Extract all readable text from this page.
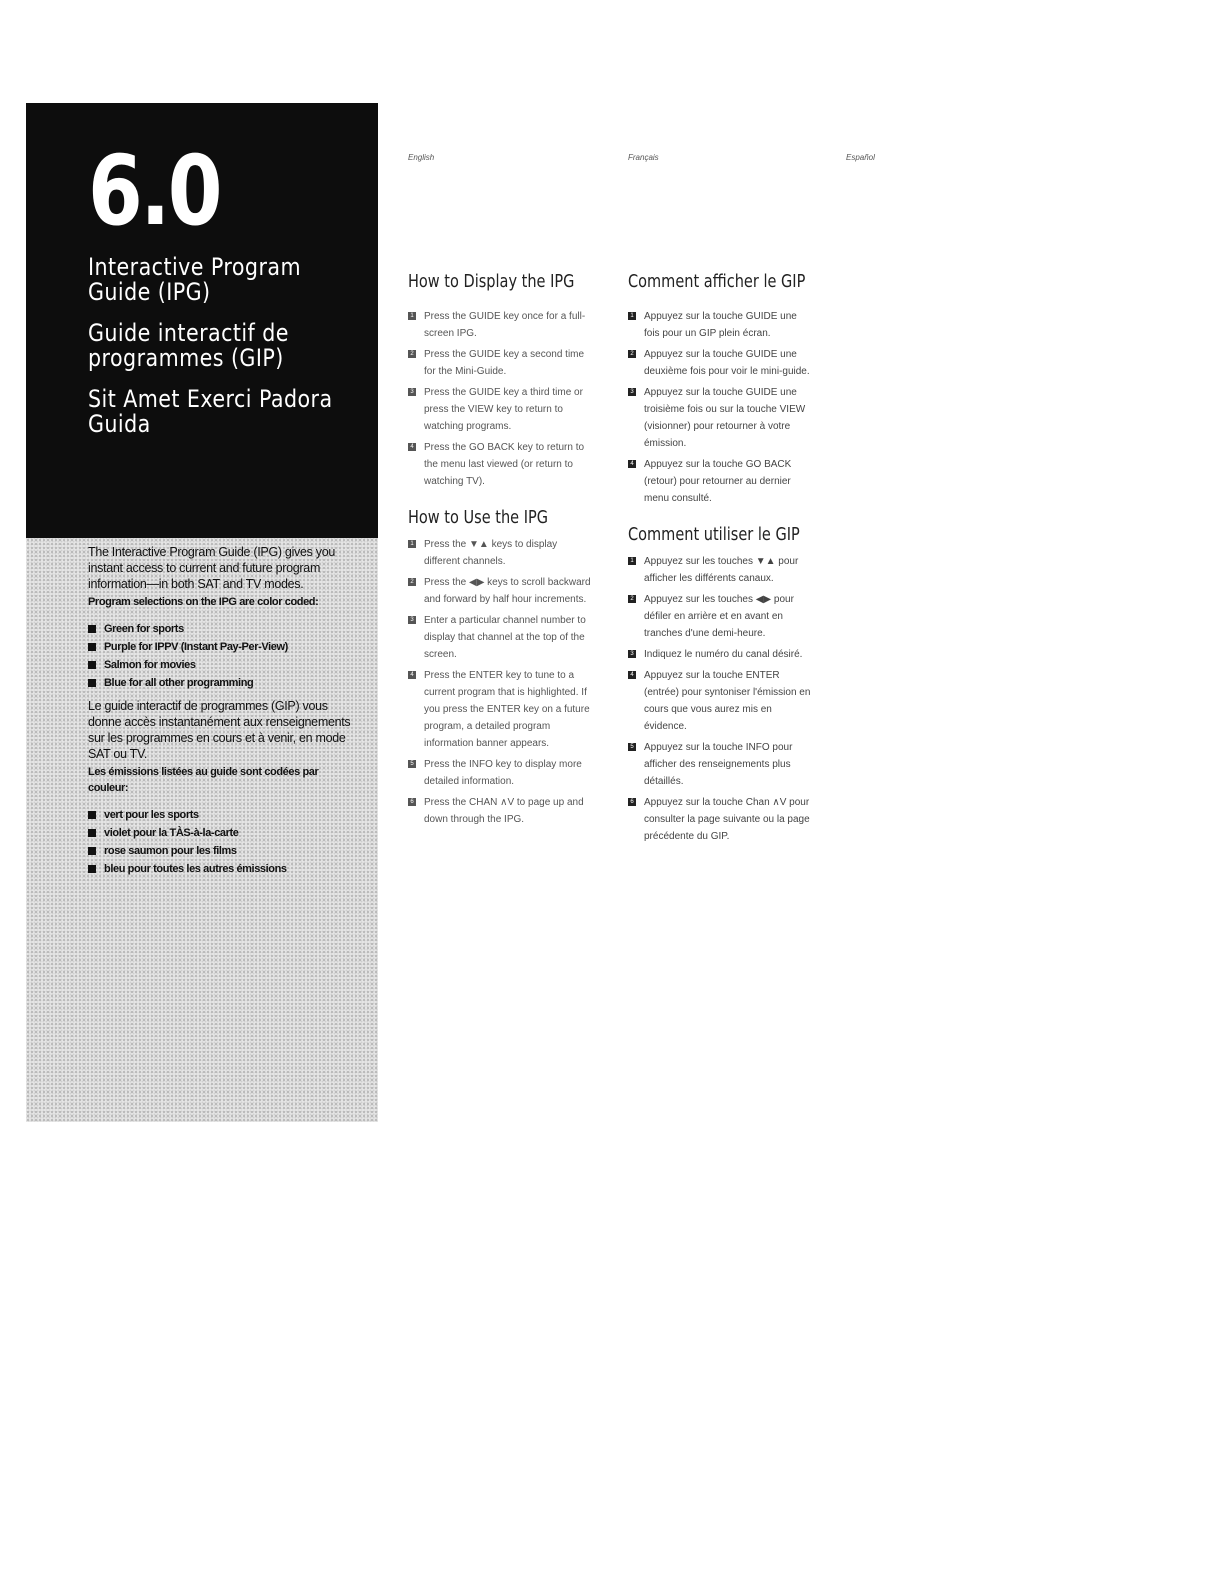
6.0
Interactive Program Guide (IPG)
Guide interactif de programmes (GIP)
Sit Amet Exerci Padora Guida

The Interactive Program Guide (IPG) gives you instant access to current and future program information—in both SAT and TV modes.

Program selections on the IPG are color coded:

Green for sports
Purple for IPPV (Instant Pay-Per-View)
Salmon for movies
Blue for all other programming

Le guide interactif de programmes (GIP) vous donne accès instantanément aux renseignements sur les programmes en cours et à venir, en mode SAT ou TV.

Les émissions listées au guide sont codées par couleur:

vert pour les sports
violet pour la TÀS-à-la-carte
rose saumon pour les films
bleu pour toutes les autres émissions
English	Français	Español
How to Display the IPG
1 Press the GUIDE key once for a full-screen IPG.
2 Press the GUIDE key a second time for the Mini-Guide.
3 Press the GUIDE key a third time or press the VIEW key to return to watching programs.
4 Press the GO BACK key to return to the menu last viewed (or return to watching TV).
How to Use the IPG
1 Press the ▼▲ keys to display different channels.
2 Press the ◀▶ keys to scroll backward and forward by half hour increments.
3 Enter a particular channel number to display that channel at the top of the screen.
4 Press the ENTER key to tune to a current program that is highlighted. If you press the ENTER key on a future program, a detailed program information banner appears.
5 Press the INFO key to display more detailed information.
6 Press the CHAN ∧V to page up and down through the IPG.
Comment afficher le GIP
1 Appuyez sur la touche GUIDE une fois pour un GIP plein écran.
2 Appuyez sur la touche GUIDE une deuxième fois pour voir le mini-guide.
3 Appuyez sur la touche GUIDE une troisième fois ou sur la touche VIEW (visionner) pour retourner à votre émission.
4 Appuyez sur la touche GO BACK (retour) pour retourner au dernier menu consulté.
Comment utiliser le GIP
1 Appuyez sur les touches ▼▲ pour afficher les différents canaux.
2 Appuyez sur les touches ◀▶ pour défiler en arrière et en avant en tranches d'une demi-heure.
3 Indiquez le numéro du canal désiré.
4 Appuyez sur la touche ENTER (entrée) pour syntoniser l'émission en cours que vous aurez mis en évidence.
5 Appuyez sur la touche INFO pour afficher des renseignements plus détaillés.
6 Appuyez sur la touche Chan ∧V pour consulter la page suivante ou la page précédente du GIP.
